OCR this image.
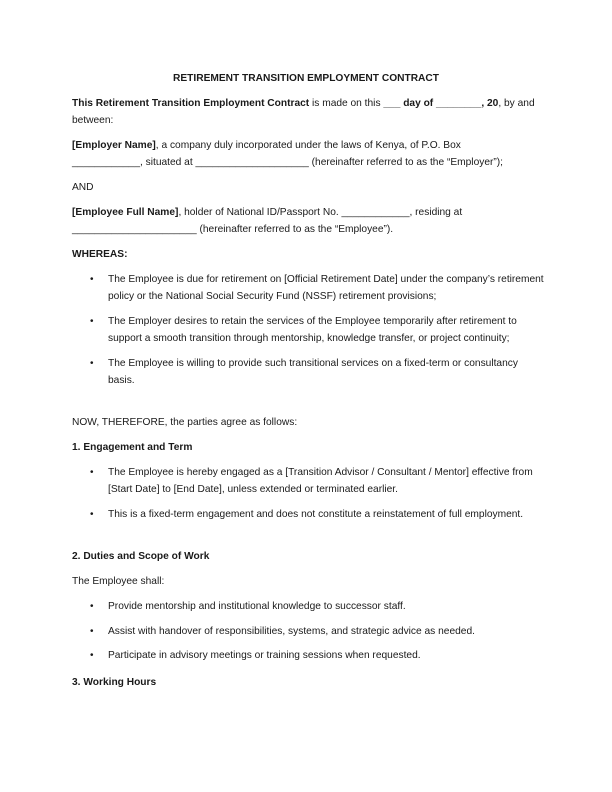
RETIREMENT TRANSITION EMPLOYMENT CONTRACT

This Retirement Transition Employment Contract is made on this ___ day of ________, 20, by and between:

[Employer Name], a company duly incorporated under the laws of Kenya, of P.O. Box

____________, situated at ____________________ (hereinafter referred to as the “Employer”);

AND

[Employee Full Name], holder of National ID/Passport No. ____________, residing at

______________________ (hereinafter referred to as the “Employee”).

WHEREAS:

• The Employee is due for retirement on [Official Retirement Date] under the company’s retirement policy or the National Social Security Fund (NSSF) retirement provisions;
• The Employer desires to retain the services of the Employee temporarily after retirement to support a smooth transition through mentorship, knowledge transfer, or project continuity;
• The Employee is willing to provide such transitional services on a fixed-term or consultancy basis.

NOW, THEREFORE, the parties agree as follows:

1. Engagement and Term

• The Employee is hereby engaged as a [Transition Advisor / Consultant / Mentor] effective from [Start Date] to [End Date], unless extended or terminated earlier.
• This is a fixed-term engagement and does not constitute a reinstatement of full employment.

2. Duties and Scope of Work

The Employee shall:

• Provide mentorship and institutional knowledge to successor staff.
• Assist with handover of responsibilities, systems, and strategic advice as needed.
• Participate in advisory meetings or training sessions when requested.

3. Working Hours
